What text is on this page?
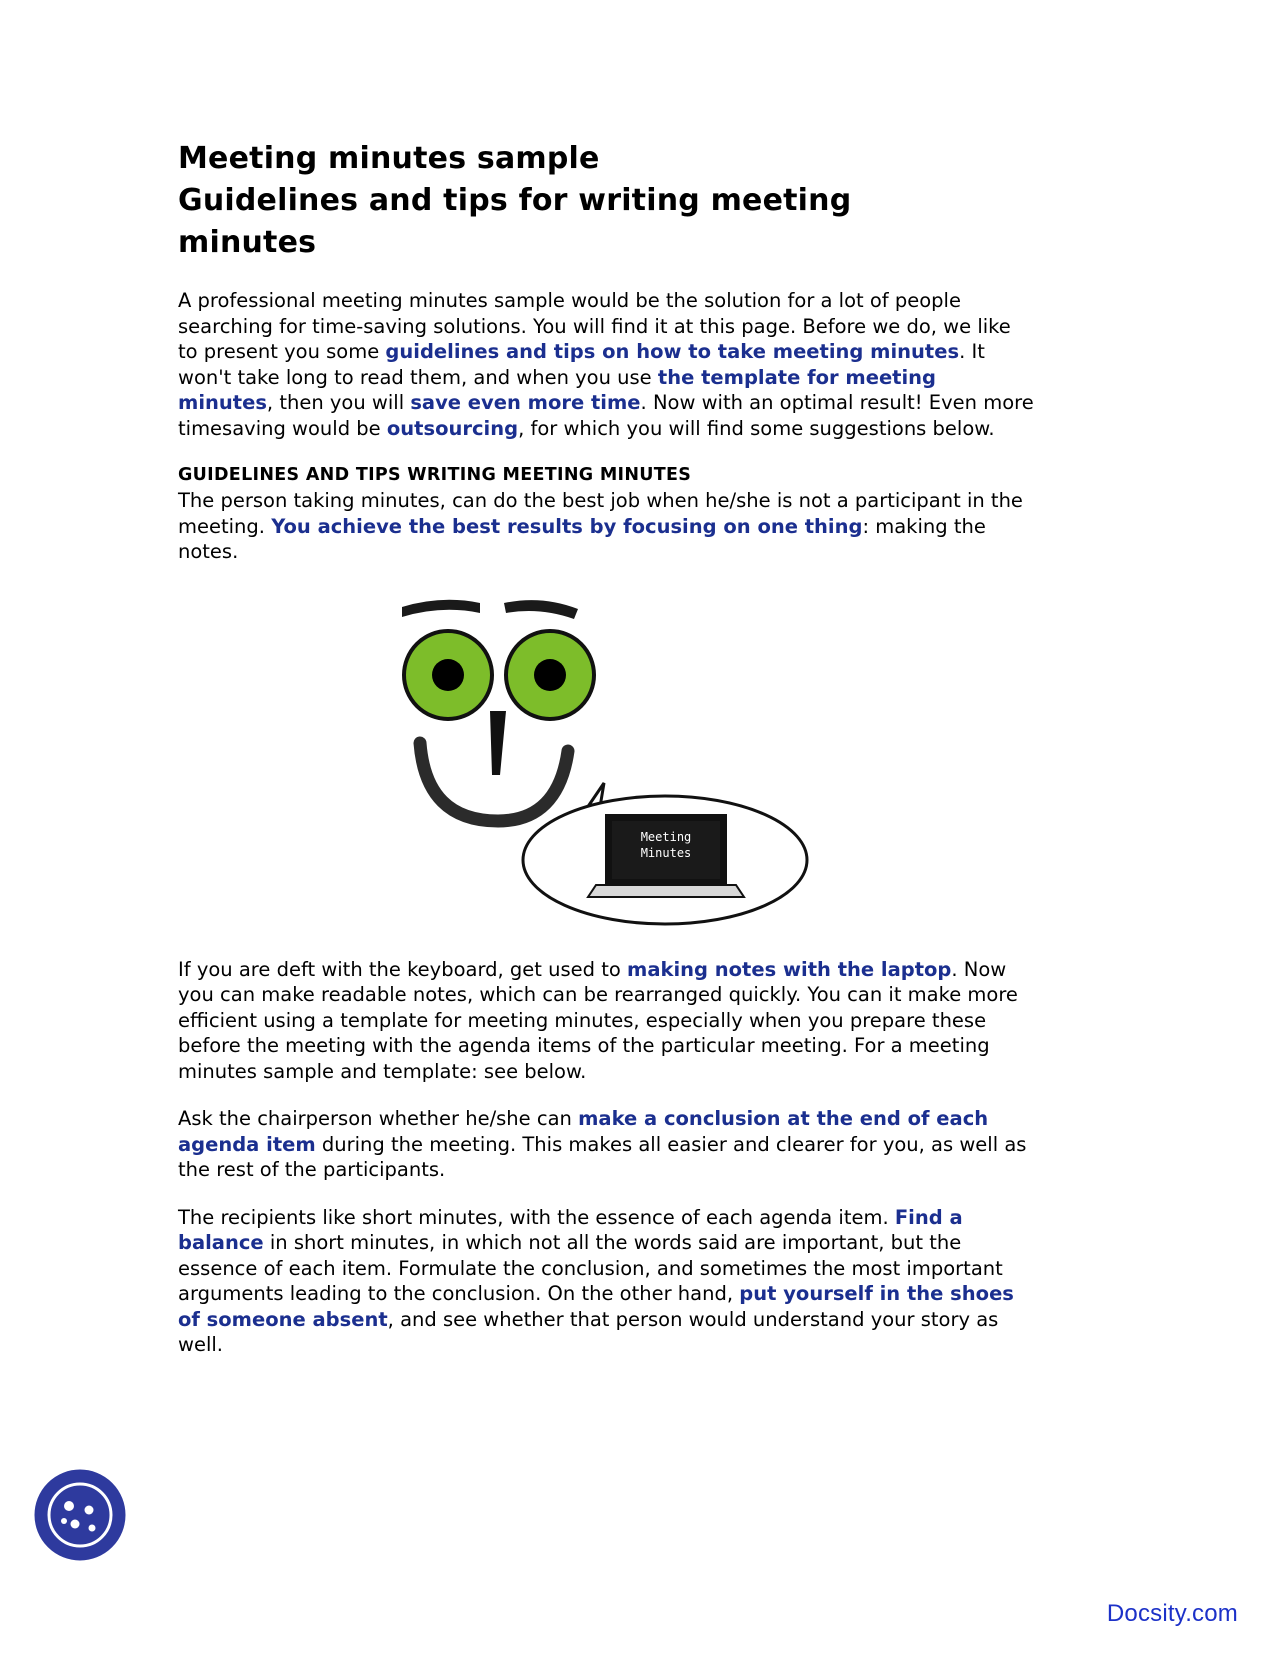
Meeting minutes sample
Guidelines and tips for writing meeting
minutes

A professional meeting minutes sample would be the solution for a lot of people searching for time-saving solutions. You will find it at this page. Before we do, we like to present you some guidelines and tips on how to take meeting minutes. It won't take long to read them, and when you use the template for meeting minutes, then you will save even more time. Now with an optimal result! Even more timesaving would be outsourcing, for which you will find some suggestions below.

GUIDELINES AND TIPS WRITING MEETING MINUTES

The person taking minutes, can do the best job when he/she is not a participant in the meeting. You achieve the best results by focusing on one thing: making the notes.

Meeting
Minutes

If you are deft with the keyboard, get used to making notes with the laptop. Now you can make readable notes, which can be rearranged quickly. You can it make more efficient using a template for meeting minutes, especially when you prepare these before the meeting with the agenda items of the particular meeting. For a meeting minutes sample and template: see below.

Ask the chairperson whether he/she can make a conclusion at the end of each agenda item during the meeting. This makes all easier and clearer for you, as well as the rest of the participants.

The recipients like short minutes, with the essence of each agenda item. Find a balance in short minutes, in which not all the words said are important, but the essence of each item. Formulate the conclusion, and sometimes the most important arguments leading to the conclusion. On the other hand, put yourself in the shoes of someone absent, and see whether that person would understand your story as well.

Docsity.com
